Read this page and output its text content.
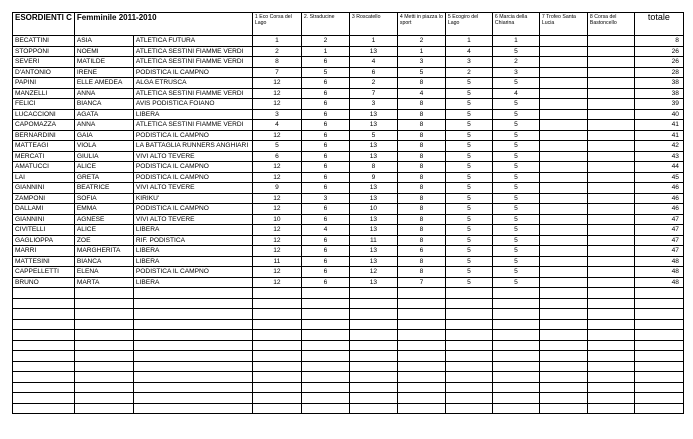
ESORDIENTI C	Femminile 2011-2010		1 Eco Corsa del Lago	2. Straducine	3 Roscatello	4 Metti in piazza lo sport	5 Ecogiro del Lago	6 Marcia della Chiarina	7 Trofeo Santa Lucia	8 Corsa del Bastoncello	totale
BECATTINI	ASIA	ATLETICA FUTURA	1	2	1	2	1	1			8
STOPPONI	NOEMI	ATLETICA SESTINI FIAMME VERDI	2	1	13	1	4	5			26
SEVERI	MATILDE	ATLETICA SESTINI FIAMME VERDI	8	6	4	3	3	2			26
D'ANTONIO	IRENE	PODISTICA IL CAMPNO	7	5	6	5	2	3			28
PAPINI	ELLE AMEDEA	ALGA ETRUSCA	12	6	2	8	5	5			38
MANZELLI	ANNA	ATLETICA SESTINI FIAMME VERDI	12	6	7	4	5	4			38
FELICI	BIANCA	AVIS PODISTICA FOIANO	12	6	3	8	5	5			39
LUCACCIONI	AGATA	LIBERA	3	6	13	8	5	5			40
CAPOMAZZA	ANNA	ATLETICA SESTINI FIAMME VERDI	4	6	13	8	5	5			41
BERNARDINI	GAIA	PODISTICA IL CAMPNO	12	6	5	8	5	5			41
MATTEAGI	VIOLA	LA BATTAGLIA RUNNERS ANGHIARI	5	6	13	8	5	5			42
MERCATI	GIULIA	VIVI ALTO TEVERE	6	6	13	8	5	5			43
AMATUCCI	ALICE	PODISTICA IL CAMPNO	12	6	8	8	5	5			44
LAI	GRETA	PODISTICA IL CAMPNO	12	6	9	8	5	5			45
GIANNINI	BEATRICE	VIVI ALTO TEVERE	9	6	13	8	5	5			46
ZAMPONI	SOFIA	KIRIKU'	12	3	13	8	5	5			46
DALLAMI	EMMA	PODISTICA IL CAMPNO	12	6	10	8	5	5			46
GIANNINI	AGNESE	VIVI ALTO TEVERE	10	6	13	8	5	5			47
CIVITELLI	ALICE	LIBERA	12	4	13	8	5	5			47
GAGLIOPPA	ZOE	RIF. PODISTICA	12	6	11	8	5	5			47
MARRI	MARGHERITA	LIBERA	12	6	13	6	5	5			47
MATTESINI	BIANCA	LIBERA	11	6	13	8	5	5			48
CAPPELLETTI	ELENA	PODISTICA IL CAMPNO	12	6	12	8	5	5			48
BRUNO	MARTA	LIBERA	12	6	13	7	5	5			48
